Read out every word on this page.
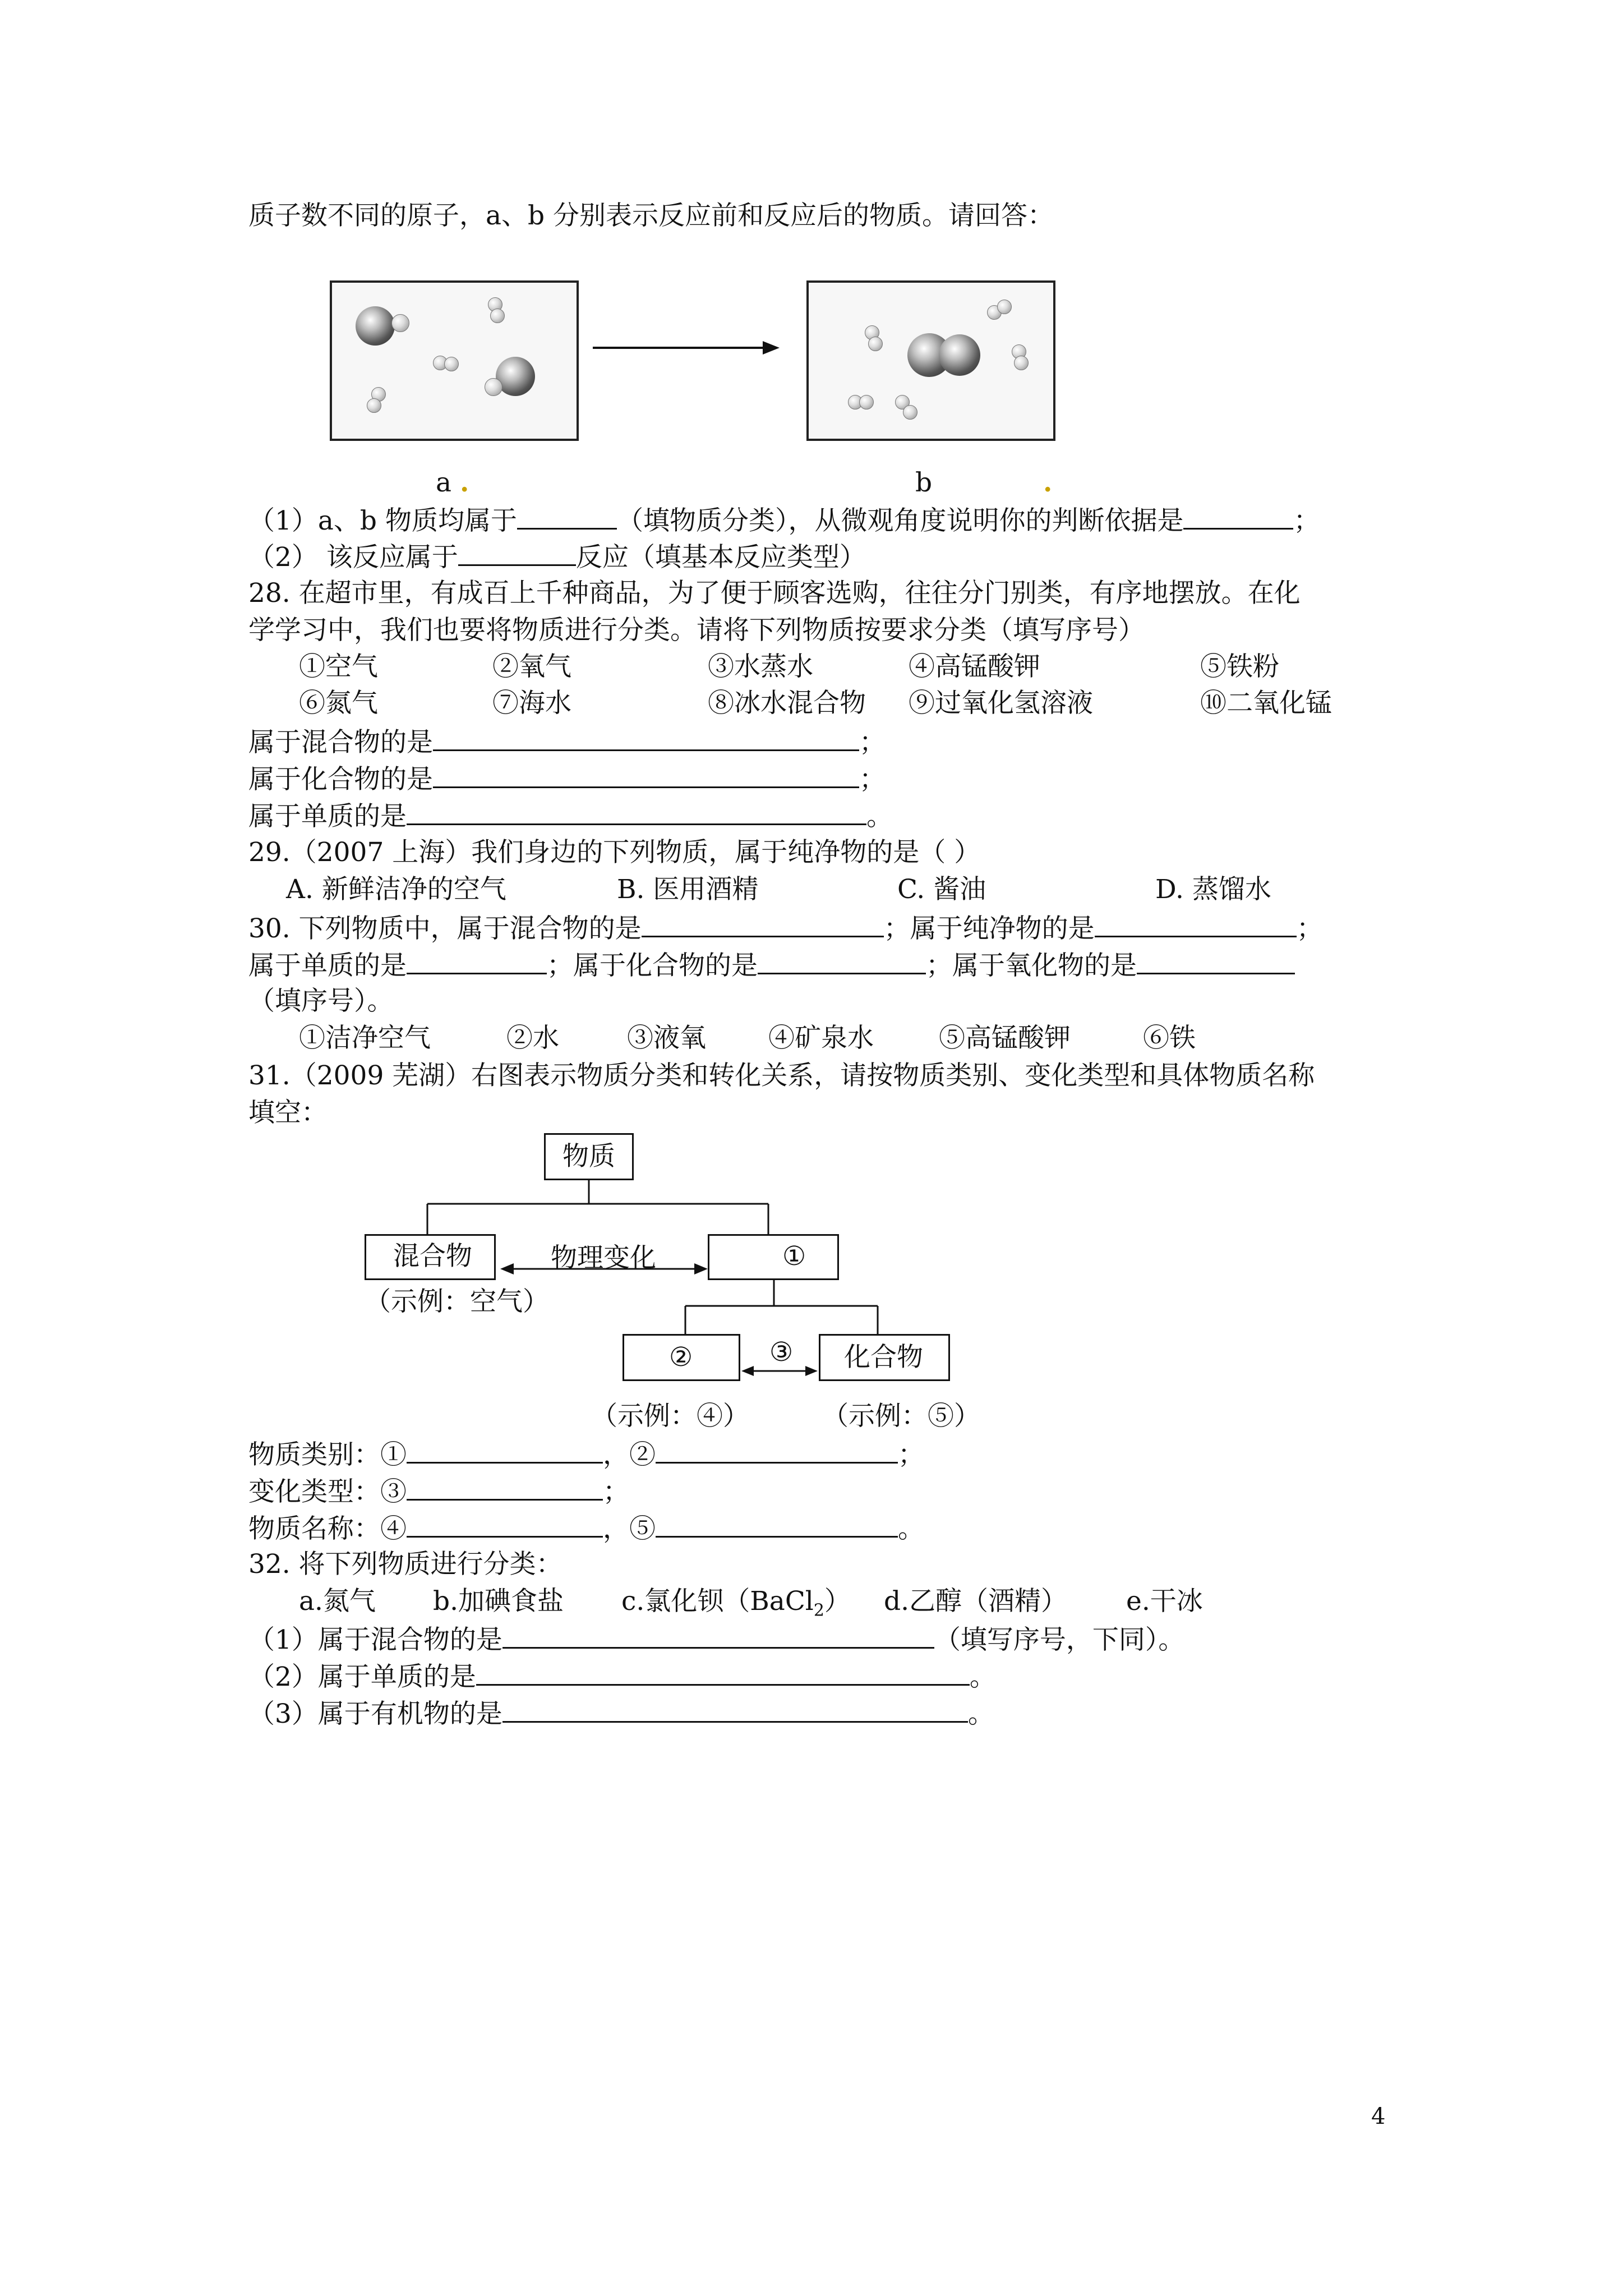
质子数不同的原子，a、b 分别表示反应前和反应后的物质。请回答：
a .	b	.
（1）a、b 物质均属于	（填物质分类），从微观角度说明你的判断依据是	；
（2） 该反应属于	反应（填基本反应类型）
28. 在超市里，有成百上千种商品，为了便于顾客选购，往往分门别类，有序地摆放。在化
学学习中，我们也要将物质进行分类。请将下列物质按要求分类（填写序号）
①空气	②氧气	③水蒸水	④高锰酸钾	⑤铁粉
⑥氮气	⑦海水	⑧冰水混合物 ⑨过氧化氢溶液	⑩二氧化锰
属于混合物的是	；
属于化合物的是	；
属于单质的是	。
29.（2007 上海）我们身边的下列物质，属于纯净物的是（ ）
A. 新鲜洁净的空气	B. 医用酒精	C. 酱油	D. 蒸馏水
30. 下列物质中，属于混合物的是	；属于纯净物的是	；
属于单质的是	；属于化合物的是	；属于氧化物的是
（填序号）。
①洁净空气	②水	③液氧 ④矿泉水 ⑤高锰酸钾	⑥铁
31.（2009 芜湖）右图表示物质分类和转化关系，请按物质类别、变化类型和具体物质名称
填空：
物质
混合物	物理变化	①
（示例：空气）
②	③ 化合物
（示例：④）	（示例：⑤）
物质类别：①	，②	；
变化类型：③	；
物质名称：④	，⑤	。
32. 将下列物质进行分类：
a.氮气 b.加碘食盐 c.氯化钡（BaCl$_2$） d.乙醇（酒精） e.干冰
（1）属于混合物的是	（填写序号，下同）。
（2）属于单质的是	。
（3）属于有机物的是	。
4
